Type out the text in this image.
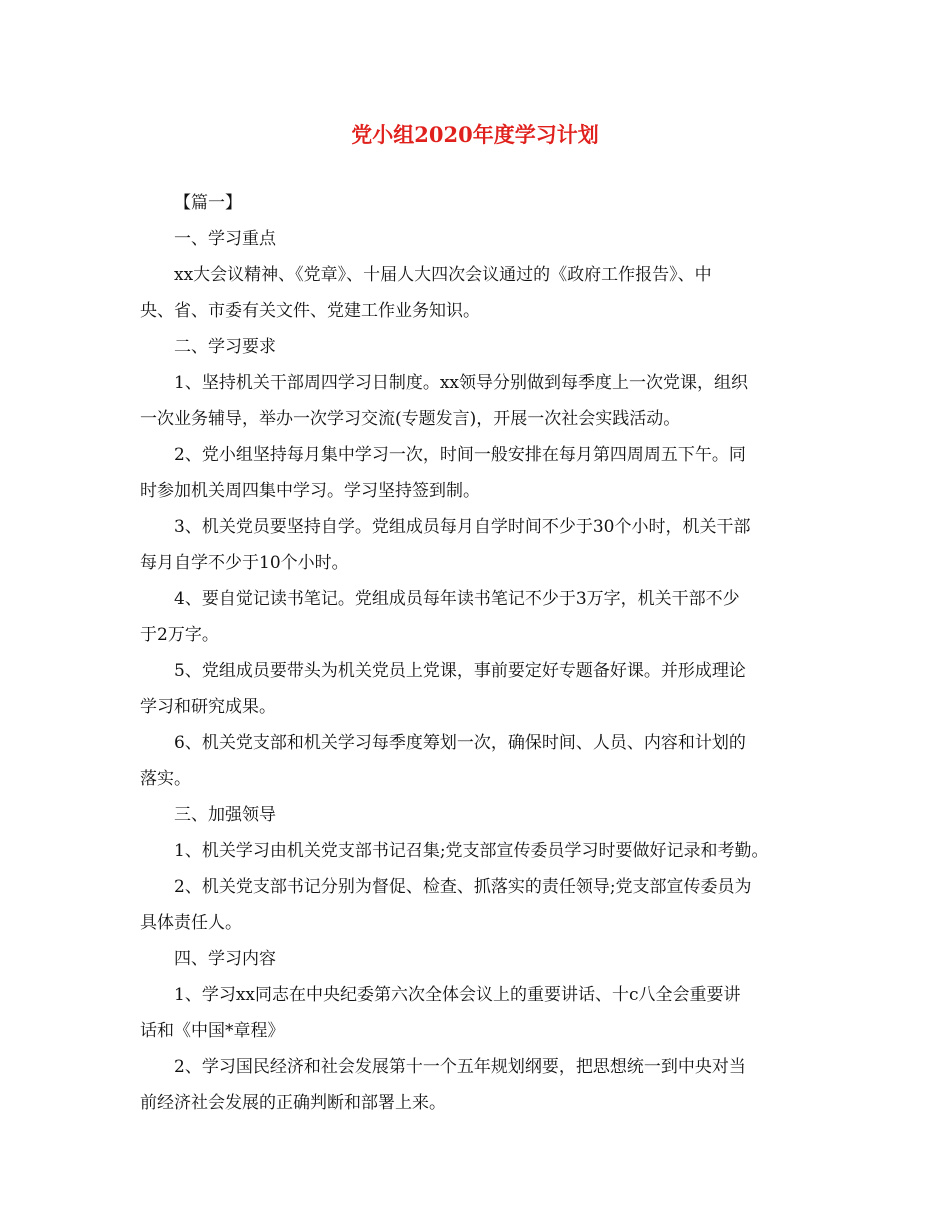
党小组2020年度学习计划
【篇一】
一、学习重点
xx大会议精神、《党章》、十届人大四次会议通过的《政府工作报告》、中
央、省、市委有关文件、党建工作业务知识。
二、学习要求
1、坚持机关干部周四学习日制度。xx领导分别做到每季度上一次党课，组织
一次业务辅导，举办一次学习交流(专题发言)，开展一次社会实践活动。
2、党小组坚持每月集中学习一次，时间一般安排在每月第四周周五下午。同
时参加机关周四集中学习。学习坚持签到制。
3、机关党员要坚持自学。党组成员每月自学时间不少于30个小时，机关干部
每月自学不少于10个小时。
4、要自觉记读书笔记。党组成员每年读书笔记不少于3万字，机关干部不少
于2万字。
5、党组成员要带头为机关党员上党课，事前要定好专题备好课。并形成理论
学习和研究成果。
6、机关党支部和机关学习每季度筹划一次，确保时间、人员、内容和计划的
落实。
三、加强领导
1、机关学习由机关党支部书记召集;党支部宣传委员学习时要做好记录和考勤。
2、机关党支部书记分别为督促、检查、抓落实的责任领导;党支部宣传委员为
具体责任人。
四、学习内容
1、学习xx同志在中央纪委第六次全体会议上的重要讲话、十c八全会重要讲
话和《中国*章程》
2、学习国民经济和社会发展第十一个五年规划纲要，把思想统一到中央对当
前经济社会发展的正确判断和部署上来。
